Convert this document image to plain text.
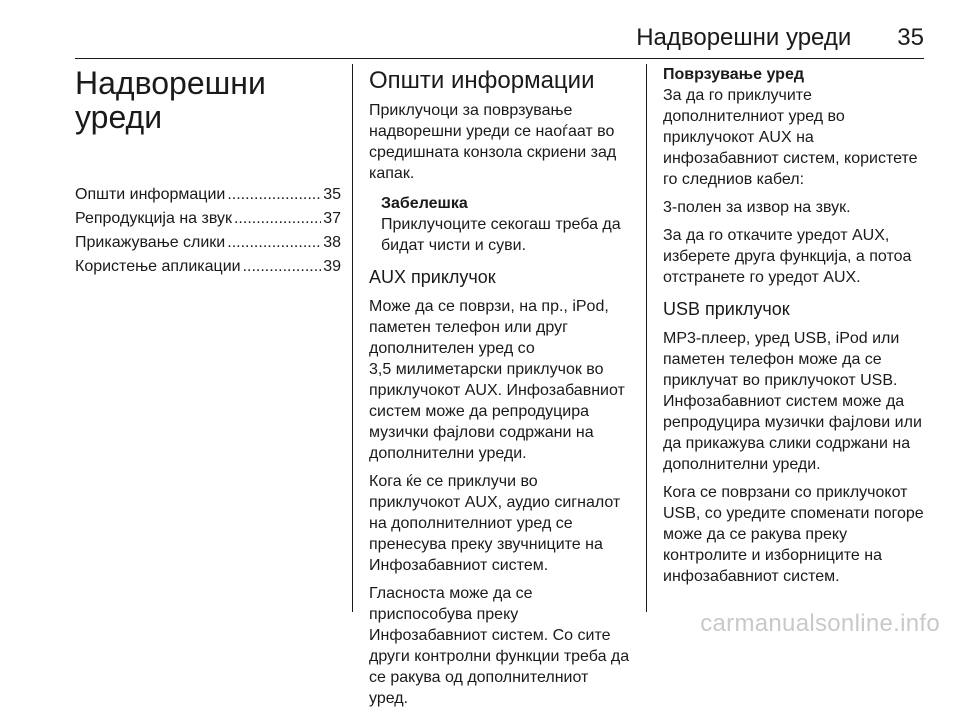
Надворешни уреди 35
Надворешни
уреди
Општи информации .....	35
Репродукција на звук .....	37
Прикажување слики .....	38
Користење апликации .....	39
Општи информации

Приклучоци за поврзување
надворешни уреди се наоѓаат во
средишната конзола скриени зад
капак.

Забелешка

Приклучоците секогаш треба да
бидат чисти и суви.

AUX приклучок

Може да се поврзи, на пр., iPod,
паметен телефон или друг
дополнителен уред со
3,5 милиметарски приклучок во
приклучокот AUX. Инфозабавниот
систем може да репродуцира
музички фајлови содржани на
дополнителни уреди.

Кога ќе се приклучи во
приклучокот AUX, аудио сигналот
на дополнителниот уред се
пренесува преку звучниците на
Инфозабавниот систем.

Гласноста може да се
приспособува преку
Инфозабавниот систем. Со сите
други контролни функции треба да
се ракува од дополнителниот уред.

Поврзување уред

За да го приклучите
дополнителниот уред во
приклучокот AUX на
инфозабавниот систем, користете
го следниов кабел:

3-полен за извор на звук.

За да го откачите уредот AUX,
изберете друга функција, а потоа
отстранете го уредот AUX.

USB приклучок

MP3-плеер, уред USB, iPod или
паметен телефон може да се
приклучат во приклучокот USB.
Инфозабавниот систем може да
репродуцира музички фајлови или
да прикажува слики содржани на
дополнителни уреди.

Кога се поврзани со приклучокот
USB, со уредите споменати погоре
може да се ракува преку
контролите и изборниците на
инфозабавниот систем.

carmanualsonline.info
